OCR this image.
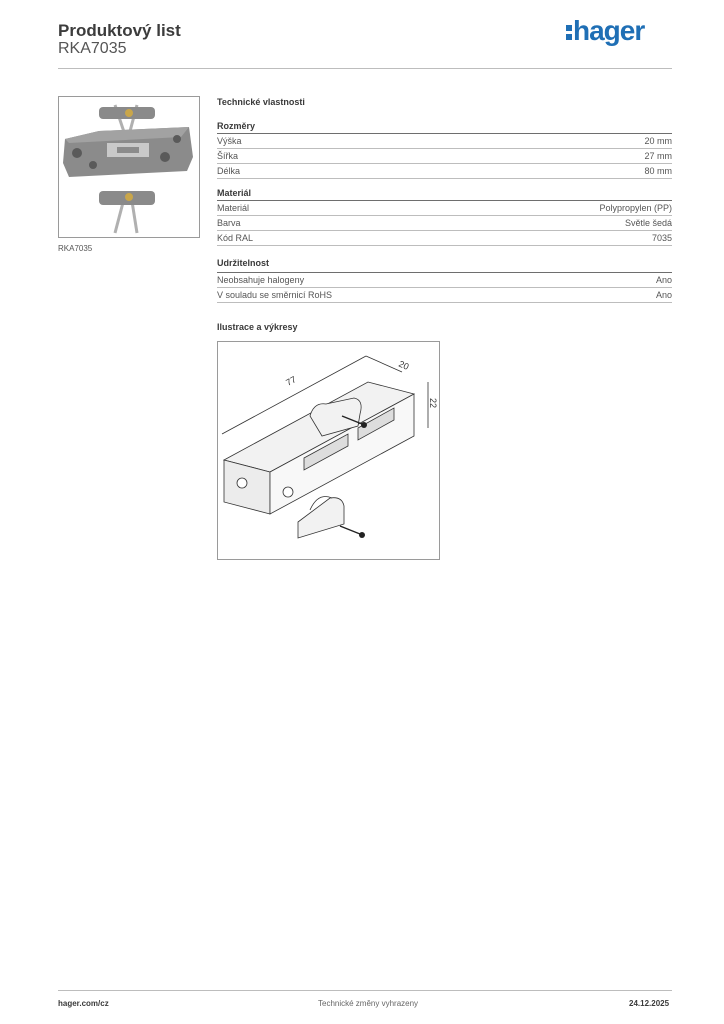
Produktový list
RKA7035
hager
RKA7035
Technické vlastnosti
Rozměry
Výška	20 mm
Šířka	27 mm
Délka	80 mm
Materiál
Materiál	Polypropylen (PP)
Barva	Světle šedá
Kód RAL	7035
Udržitelnost
Neobsahuje halogeny	Ano
V souladu se směrnicí RoHS	Ano
Ilustrace a výkresy
77
20
22
hager.com/cz	Technické změny vyhrazeny	24.12.2025
